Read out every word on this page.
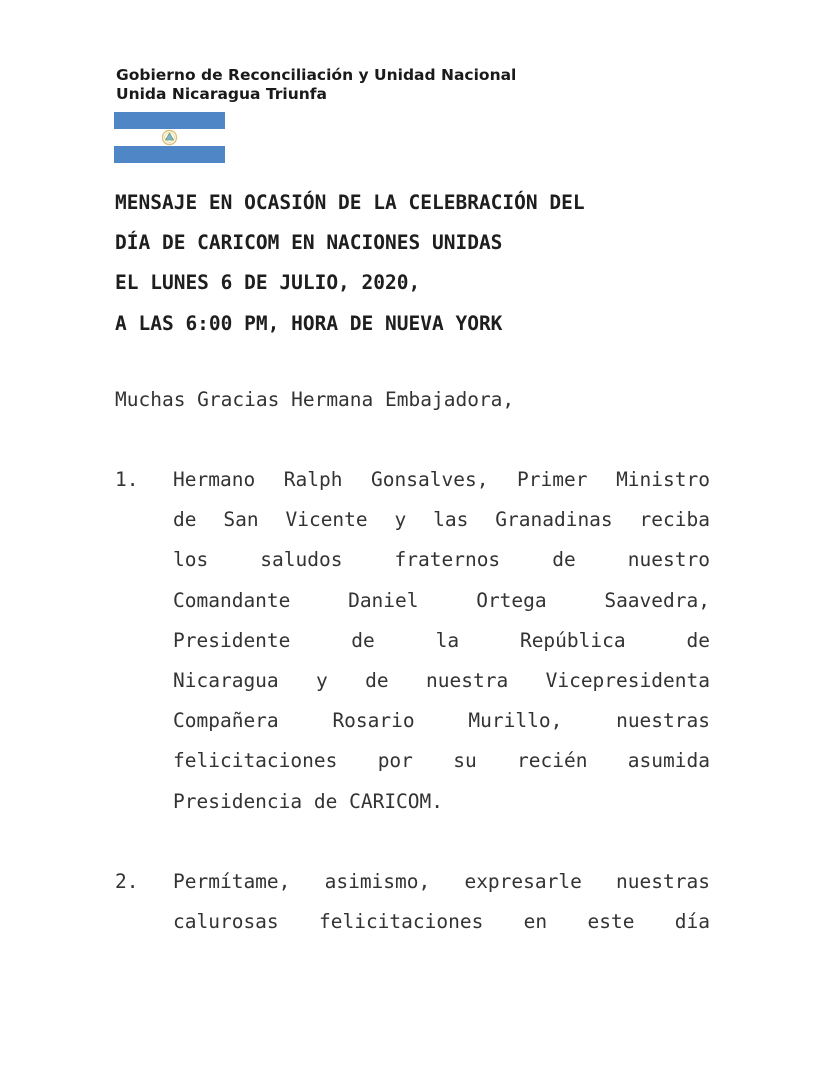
Gobierno de Reconciliación y Unidad Nacional
Unida Nicaragua Triunfa
MENSAJE EN OCASIÓN DE LA CELEBRACIÓN DEL
DÍA DE CARICOM EN NACIONES UNIDAS
EL LUNES 6 DE JULIO, 2020,
A LAS 6:00 PM, HORA DE NUEVA YORK
Muchas Gracias Hermana Embajadora,
1. Hermano Ralph Gonsalves, Primer Ministro
de San Vicente y las Granadinas reciba
los	saludos	fraternos	de	nuestro
Comandante	Daniel	Ortega	Saavedra,
Presidente	de	la	República	de
Nicaragua y de nuestra Vicepresidenta
Compañera	Rosario	Murillo,	nuestras
felicitaciones por su recién asumida
Presidencia de CARICOM.
2. Permítame, asimismo, expresarle nuestras
calurosas felicitaciones en este día
